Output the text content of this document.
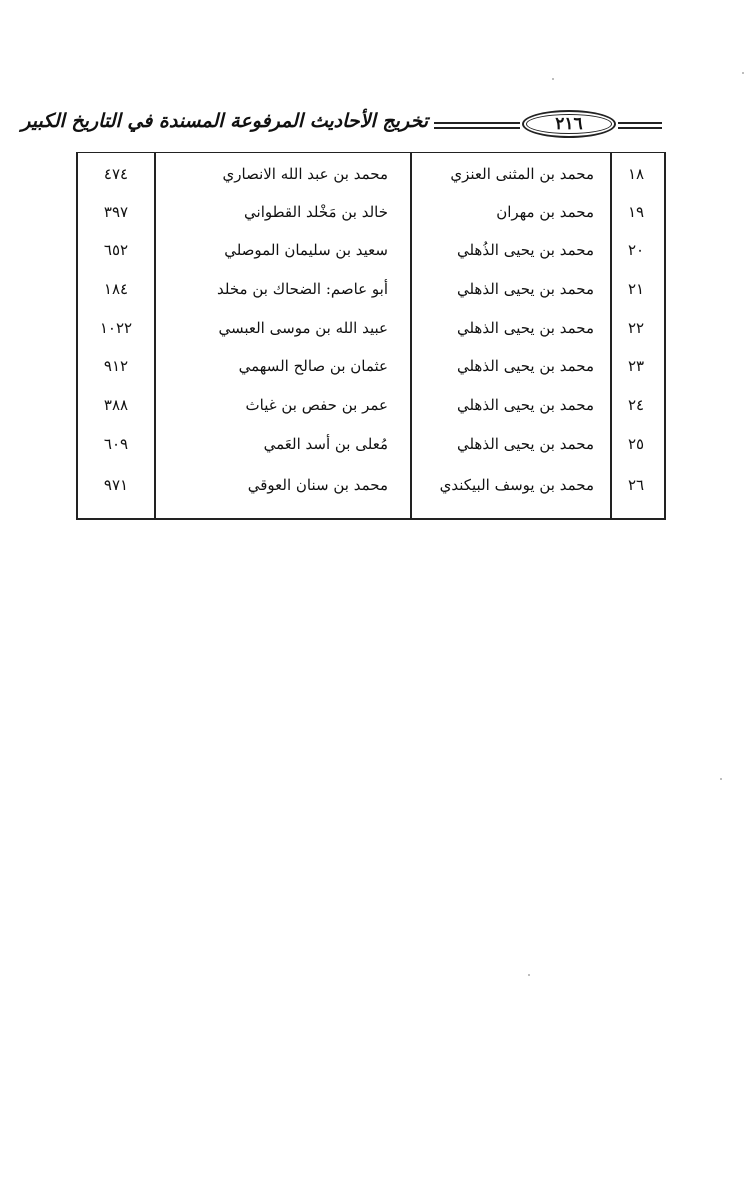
تخريج الأحاديث المرفوعة المسندة في التاريخ الكبير	٢١٦
١٨
محمد بن المثنى العنزي
محمد بن عبد الله الانصاري
٤٧٤
١٩
محمد بن مهران
خالد بن مَخْلد القطواني
٣٩٧
٢٠
محمد بن يحيى الذُهلي
سعيد بن سليمان الموصلي
٦٥٢
٢١
محمد بن يحيى الذهلي
أبو عاصم: الضحاك بن مخلد
١٨٤
٢٢
محمد بن يحيى الذهلي
عبيد الله بن موسى العبسي
١٠٢٢
٢٣
محمد بن يحيى الذهلي
عثمان بن صالح السهمي
٩١٢
٢٤
محمد بن يحيى الذهلي
عمر بن حفص بن غياث
٣٨٨
٢٥
محمد بن يحيى الذهلي
مُعلى بن أسد العَمي
٦٠٩
٢٦
محمد بن يوسف البيكندي
محمد بن سنان العوقي
٩٧١
